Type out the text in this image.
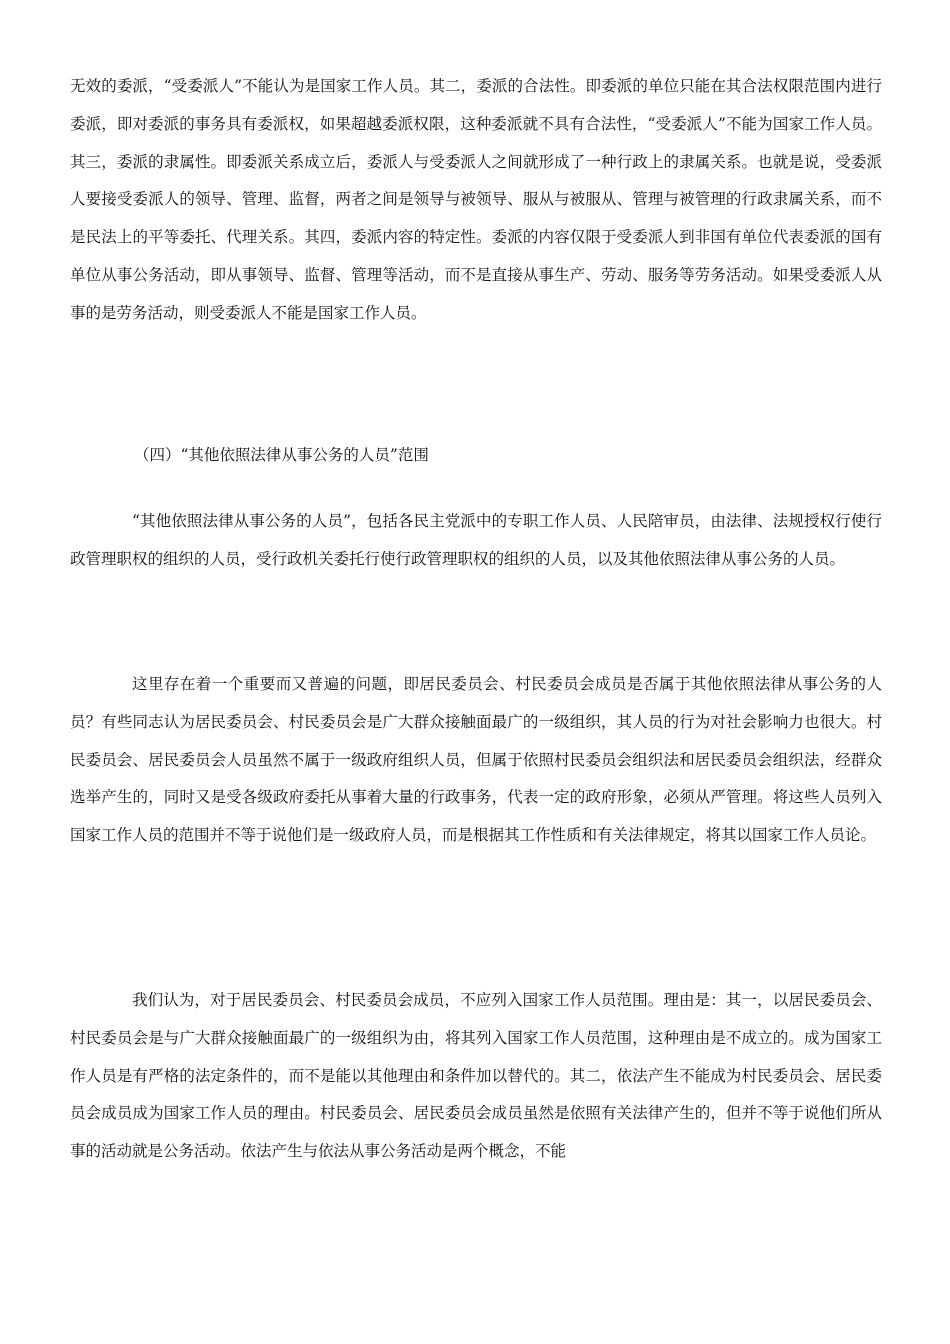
无效的委派，“受委派人”不能认为是国家工作人员。其二，委派的合法性。即委派的单位只能在其合法权限范围内进行委派，即对委派的事务具有委派权，如果超越委派权限，这种委派就不具有合法性，“受委派人”不能为国家工作人员。其三，委派的隶属性。即委派关系成立后，委派人与受委派人之间就形成了一种行政上的隶属关系。也就是说，受委派人要接受委派人的领导、管理、监督，两者之间是领导与被领导、服从与被服从、管理与被管理的行政隶属关系，而不是民法上的平等委托、代理关系。其四，委派内容的特定性。委派的内容仅限于受委派人到非国有单位代表委派的国有单位从事公务活动，即从事领导、监督、管理等活动，而不是直接从事生产、劳动、服务等劳务活动。如果受委派人从事的是劳务活动，则受委派人不能是国家工作人员。

（四）“其他依照法律从事公务的人员”范围

“其他依照法律从事公务的人员”，包括各民主党派中的专职工作人员、人民陪审员，由法律、法规授权行使行政管理职权的组织的人员，受行政机关委托行使行政管理职权的组织的人员，以及其他依照法律从事公务的人员。

这里存在着一个重要而又普遍的问题，即居民委员会、村民委员会成员是否属于其他依照法律从事公务的人员？有些同志认为居民委员会、村民委员会是广大群众接触面最广的一级组织，其人员的行为对社会影响力也很大。村民委员会、居民委员会人员虽然不属于一级政府组织人员，但属于依照村民委员会组织法和居民委员会组织法，经群众选举产生的，同时又是受各级政府委托从事着大量的行政事务，代表一定的政府形象，必须从严管理。将这些人员列入国家工作人员的范围并不等于说他们是一级政府人员，而是根据其工作性质和有关法律规定，将其以国家工作人员论。

我们认为，对于居民委员会、村民委员会成员，不应列入国家工作人员范围。理由是：其一，以居民委员会、村民委员会是与广大群众接触面最广的一级组织为由，将其列入国家工作人员范围，这种理由是不成立的。成为国家工作人员是有严格的法定条件的，而不是能以其他理由和条件加以替代的。其二，依法产生不能成为村民委员会、居民委员会成员成为国家工作人员的理由。村民委员会、居民委员会成员虽然是依照有关法律产生的，但并不等于说他们所从事的活动就是公务活动。依法产生与依法从事公务活动是两个概念，不能
